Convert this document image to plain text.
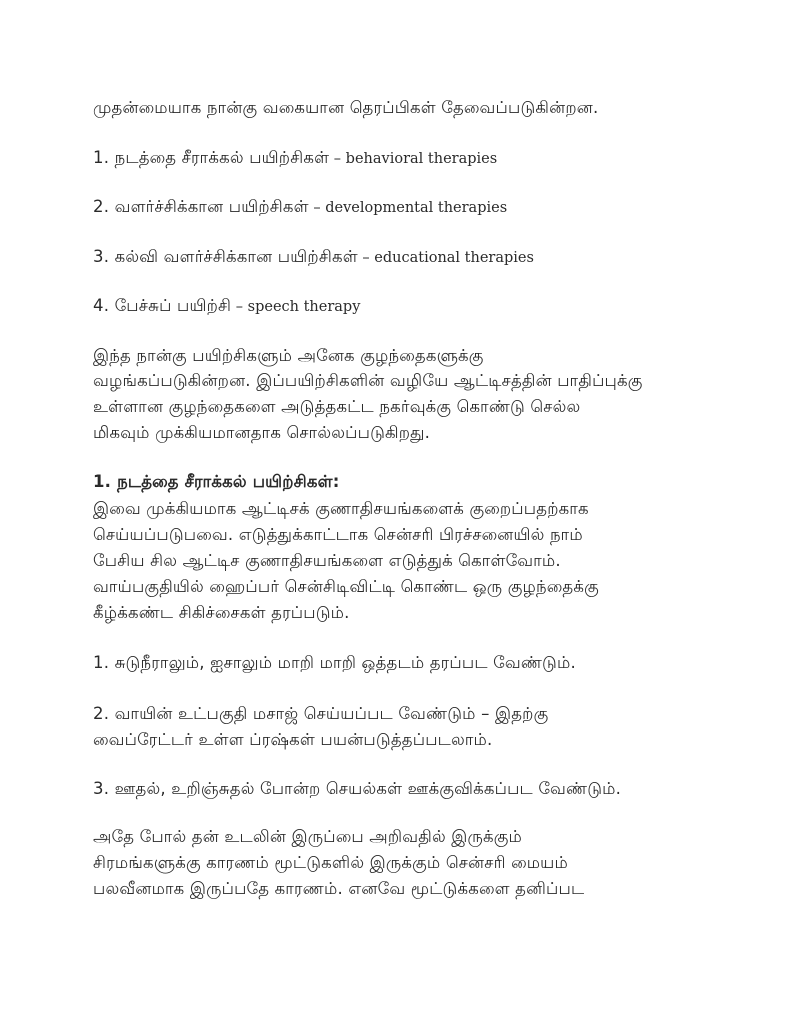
முதன்மையாக நான்கு வகையான தெரப்பிகள் தேவைப்படுகின்றன.

1. நடத்தை சீராக்கல் பயிற்சிகள் – behavioral therapies

2. வளர்ச்சிக்கான பயிற்சிகள் – developmental therapies

3. கல்வி வளர்ச்சிக்கான பயிற்சிகள் – educational therapies

4. பேச்சுப் பயிற்சி – speech therapy

இந்த நான்கு பயிற்சிகளும் அனேக குழந்தைகளுக்கு

வழங்கப்படுகின்றன. இப்பயிற்சிகளின் வழியே ஆட்டிசத்தின் பாதிப்புக்கு

உள்ளான குழந்தைகளை அடுத்தகட்ட நகர்வுக்கு கொண்டு செல்ல

மிகவும் முக்கியமானதாக சொல்லப்படுகிறது.

1. நடத்தை சீராக்கல் பயிற்சிகள்:

இவை முக்கியமாக ஆட்டிசக் குணாதிசயங்களைக் குறைப்பதற்காக

செய்யப்படுபவை. எடுத்துக்காட்டாக சென்சரி பிரச்சனையில் நாம்

பேசிய சில ஆட்டிச குணாதிசயங்களை எடுத்துக் கொள்வோம்.

வாய்பகுதியில் ஹைப்பர் சென்சிடிவிட்டி கொண்ட ஒரு குழந்தைக்கு

கீழ்க்கண்ட சிகிச்சைகள் தரப்படும்.

1. சுடுநீராலும், ஐசாலும் மாறி மாறி ஒத்தடம் தரப்பட வேண்டும்.

2. வாயின் உட்பகுதி மசாஜ் செய்யப்பட வேண்டும் – இதற்கு

வைப்ரேட்டர் உள்ள ப்ரஷ்கள் பயன்படுத்தப்படலாம்.

3. ஊதல், உறிஞ்சுதல் போன்ற செயல்கள் ஊக்குவிக்கப்பட வேண்டும்.

அதே போல் தன் உடலின் இருப்பை அறிவதில் இருக்கும்

சிரமங்களுக்கு காரணம் மூட்டுகளில் இருக்கும் சென்சரி மையம்

பலவீனமாக இருப்பதே காரணம். எனவே மூட்டுக்களை தனிப்பட
